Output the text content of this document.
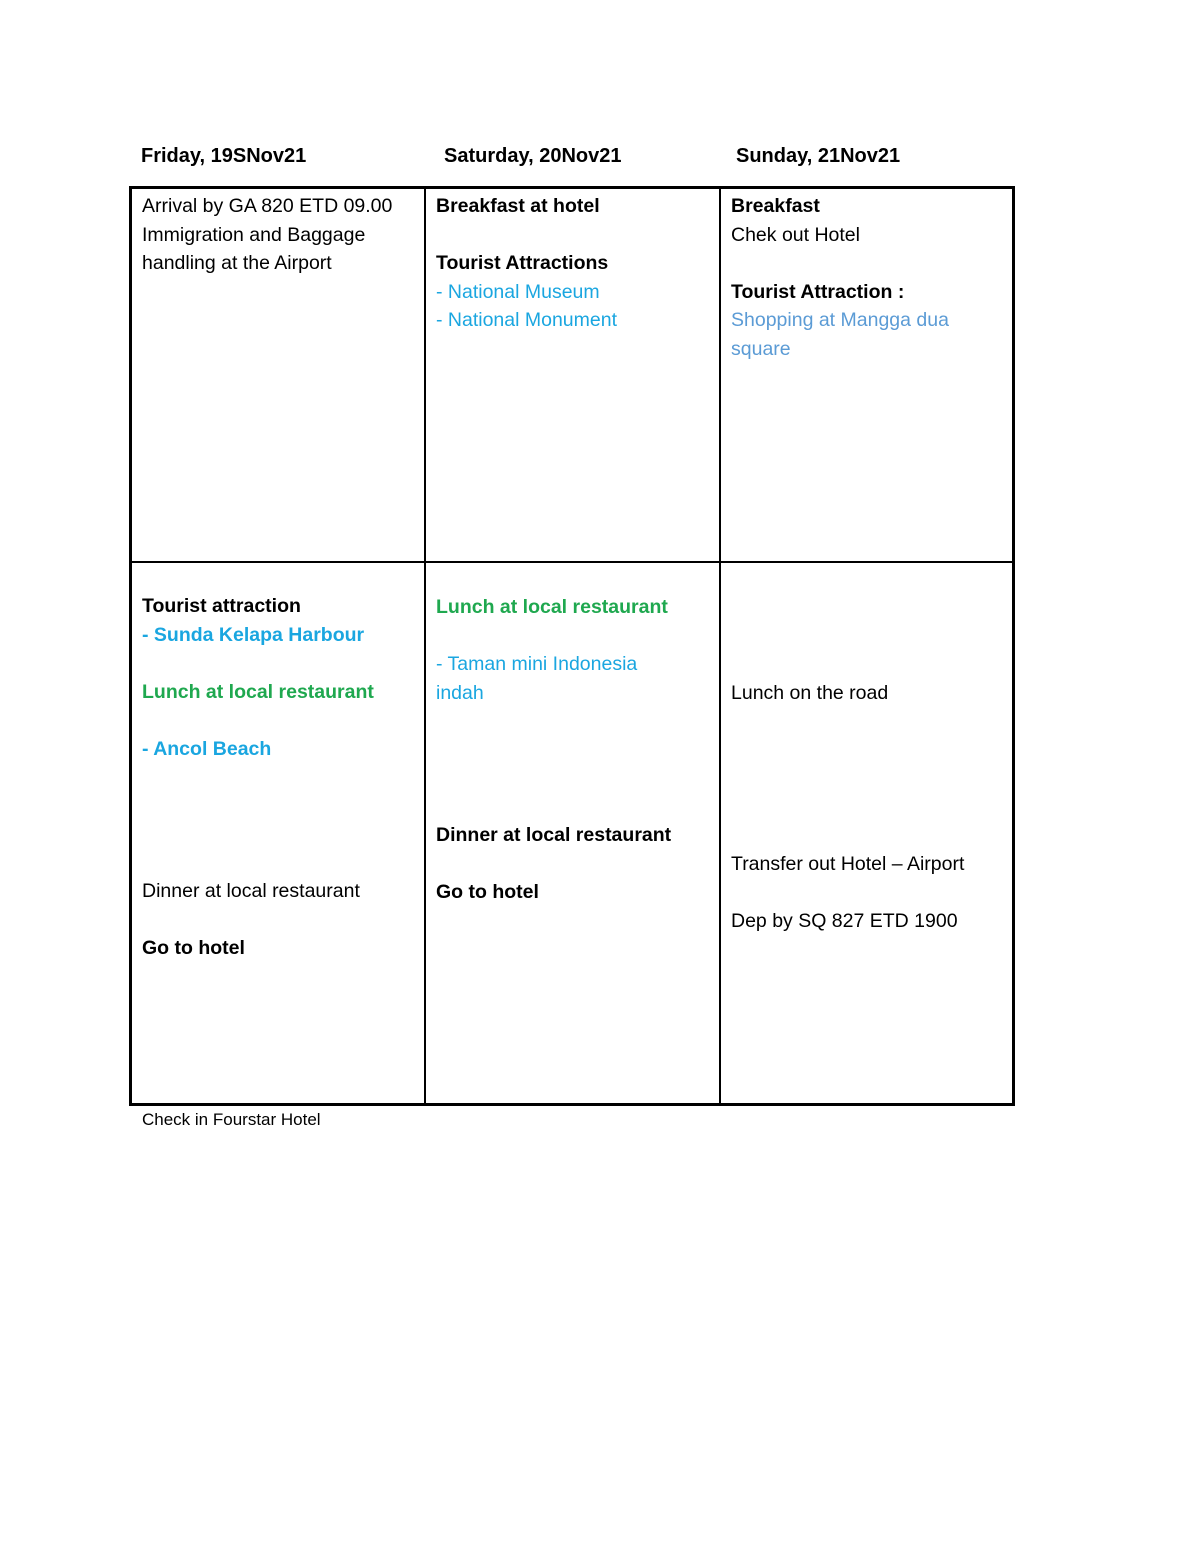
Friday, 19SNov21	Saturday, 20Nov21	Sunday, 21Nov21
Arrival by GA 820 ETD 09.00
Immigration and Baggage
handling at the Airport
Breakfast at hotel
Tourist Attractions
- National Museum
- National Monument
Breakfast
Chek out Hotel
Tourist Attraction :
Shopping at Mangga dua
square
Tourist attraction
- Sunda Kelapa Harbour
Lunch at local restaurant
- Ancol Beach
Dinner at local restaurant
Go to hotel
Lunch at local restaurant
- Taman mini Indonesia
indah
Dinner at local restaurant
Go to hotel
Lunch on the road
Transfer out Hotel – Airport
Dep by SQ 827 ETD 1900
Check in Fourstar Hotel
